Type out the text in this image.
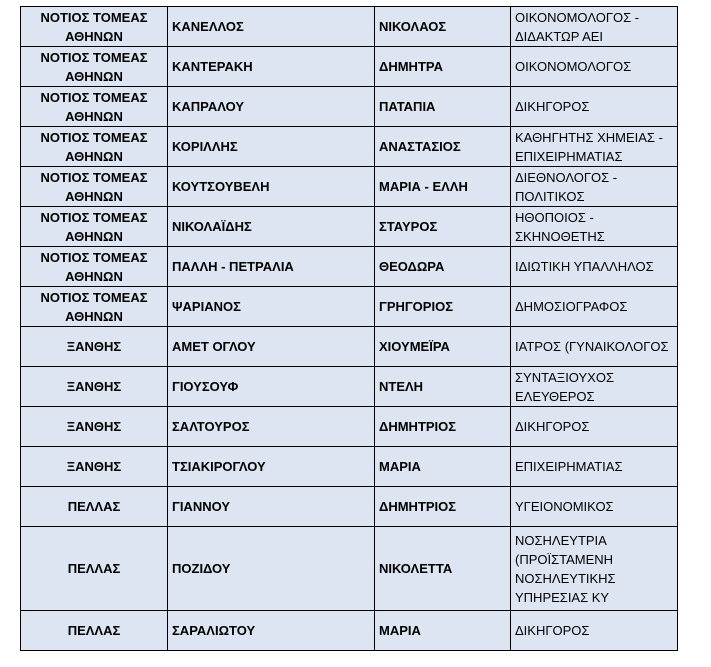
ΝΟΤΙΟΣ ΤΟΜΕΑΣ ΑΘΗΝΩΝ	ΚΑΝΕΛΛΟΣ	ΝΙΚΟΛΑΟΣ	ΟΙΚΟΝΟΜΟΛΟΓΟΣ - ΔΙΔΑΚΤΩΡ ΑΕΙ
ΝΟΤΙΟΣ ΤΟΜΕΑΣ ΑΘΗΝΩΝ	ΚΑΝΤΕΡΑΚΗ	ΔΗΜΗΤΡΑ	ΟΙΚΟΝΟΜΟΛΟΓΟΣ
ΝΟΤΙΟΣ ΤΟΜΕΑΣ ΑΘΗΝΩΝ	ΚΑΠΡΑΛΟΥ	ΠΑΤΑΠΙΑ	ΔΙΚΗΓΟΡΟΣ
ΝΟΤΙΟΣ ΤΟΜΕΑΣ ΑΘΗΝΩΝ	ΚΟΡΙΛΛΗΣ	ΑΝΑΣΤΑΣΙΟΣ	ΚΑΘΗΓΗΤΗΣ ΧΗΜΕΙΑΣ - ΕΠΙΧΕΙΡΗΜΑΤΙΑΣ
ΝΟΤΙΟΣ ΤΟΜΕΑΣ ΑΘΗΝΩΝ	ΚΟΥΤΣΟΥΒΕΛΗ	ΜΑΡΙΑ - ΕΛΛΗ	ΔΙΕΘΝΟΛΟΓΟΣ - ΠΟΛΙΤΙΚΟΣ
ΝΟΤΙΟΣ ΤΟΜΕΑΣ ΑΘΗΝΩΝ	ΝΙΚΟΛΑΪΔΗΣ	ΣΤΑΥΡΟΣ	ΗΘΟΠΟΙΟΣ - ΣΚΗΝΟΘΕΤΗΣ
ΝΟΤΙΟΣ ΤΟΜΕΑΣ ΑΘΗΝΩΝ	ΠΑΛΛΗ - ΠΕΤΡΑΛΙΑ	ΘΕΟΔΩΡΑ	ΙΔΙΩΤΙΚΗ ΥΠΑΛΛΗΛΟΣ
ΝΟΤΙΟΣ ΤΟΜΕΑΣ ΑΘΗΝΩΝ	ΨΑΡΙΑΝΟΣ	ΓΡΗΓΟΡΙΟΣ	ΔΗΜΟΣΙΟΓΡΑΦΟΣ
ΞΑΝΘΗΣ	ΑΜΕΤ ΟΓΛΟΥ	ΧΙΟΥΜΕΪΡΑ	ΙΑΤΡΟΣ (ΓΥΝΑΙΚΟΛΟΓΟΣ
ΞΑΝΘΗΣ	ΓΙΟΥΣΟΥΦ	ΝΤΕΛΗ	ΣΥΝΤΑΞΙΟΥΧΟΣ ΕΛΕΥΘΕΡΟΣ
ΞΑΝΘΗΣ	ΣΑΛΤΟΥΡΟΣ	ΔΗΜΗΤΡΙΟΣ	ΔΙΚΗΓΟΡΟΣ
ΞΑΝΘΗΣ	ΤΣΙΑΚΙΡΟΓΛΟΥ	ΜΑΡΙΑ	ΕΠΙΧΕΙΡΗΜΑΤΙΑΣ
ΠΕΛΛΑΣ	ΓΙΑΝΝΟΥ	ΔΗΜΗΤΡΙΟΣ	ΥΓΕΙΟΝΟΜΙΚΟΣ
ΠΕΛΛΑΣ	ΠΟΖΙΔΟΥ	ΝΙΚΟΛΕΤΤΑ	ΝΟΣΗΛΕΥΤΡΙΑ (ΠΡΟΪΣΤΑΜΕΝΗ ΝΟΣΗΛΕΥΤΙΚΗΣ ΥΠΗΡΕΣΙΑΣ ΚΥ
ΠΕΛΛΑΣ	ΣΑΡΑΛΙΩΤΟΥ	ΜΑΡΙΑ	ΔΙΚΗΓΟΡΟΣ
